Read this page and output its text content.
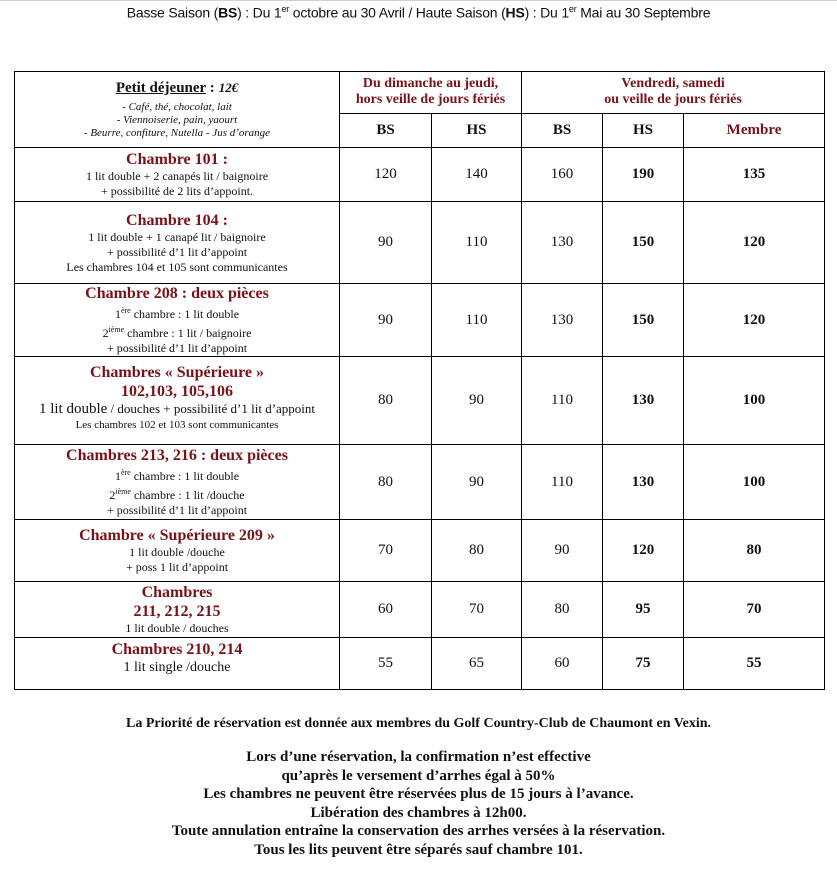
Basse Saison (BS) : Du 1er octobre au 30 Avril / Haute Saison (HS) : Du 1er Mai au 30 Septembre
Petit déjeuner : 12€
- Café, thé, chocolat, lait
- Viennoiserie, pain, yaourt
- Beurre, confiture, Nutella - Jus d’orange

Du dimanche au jeudi,
hors veille de jours fériés

Vendredi, samedi
ou veille de jours fériés

	BS	HS	BS	HS	Membre

Chambre 101 :
1 lit double + 2 canapés lit / baignoire
+ possibilité de 2 lits d’appoint.	120	140	160	190	135

Chambre 104 :
1 lit double + 1 canapé lit / baignoire
+ possibilité d’1 lit d’appoint
Les chambres 104 et 105 sont communicantes	90	110	130	150	120

Chambre 208 : deux pièces
1ère chambre : 1 lit double
2ième chambre : 1 lit / baignoire
+ possibilité d’1 lit d’appoint	90	110	130	150	120

Chambres « Supérieure »
102,103, 105,106
1 lit double / douches + possibilité d’1 lit d’appoint
Les chambres 102 et 103 sont communicantes	80	90	110	130	100

Chambres 213, 216 : deux pièces
1ère chambre : 1 lit double
2ième chambre : 1 lit /douche
+ possibilité d’1 lit d’appoint	80	90	110	130	100

Chambre « Supérieure 209 »
1 lit double /douche
+ poss 1 lit d’appoint	70	80	90	120	80

Chambres
211, 212, 215
1 lit double / douches	60	70	80	95	70

Chambres 210, 214
1 lit single /douche	55	65	60	75	55
La Priorité de réservation est donnée aux membres du Golf Country-Club de Chaumont en Vexin.
Lors d’une réservation, la confirmation n’est effective
qu’après le versement d’arrhes égal à 50%
Les chambres ne peuvent être réservées plus de 15 jours à l’avance.
Libération des chambres à 12h00.
Toute annulation entraîne la conservation des arrhes versées à la réservation.
Tous les lits peuvent être séparés sauf chambre 101.
